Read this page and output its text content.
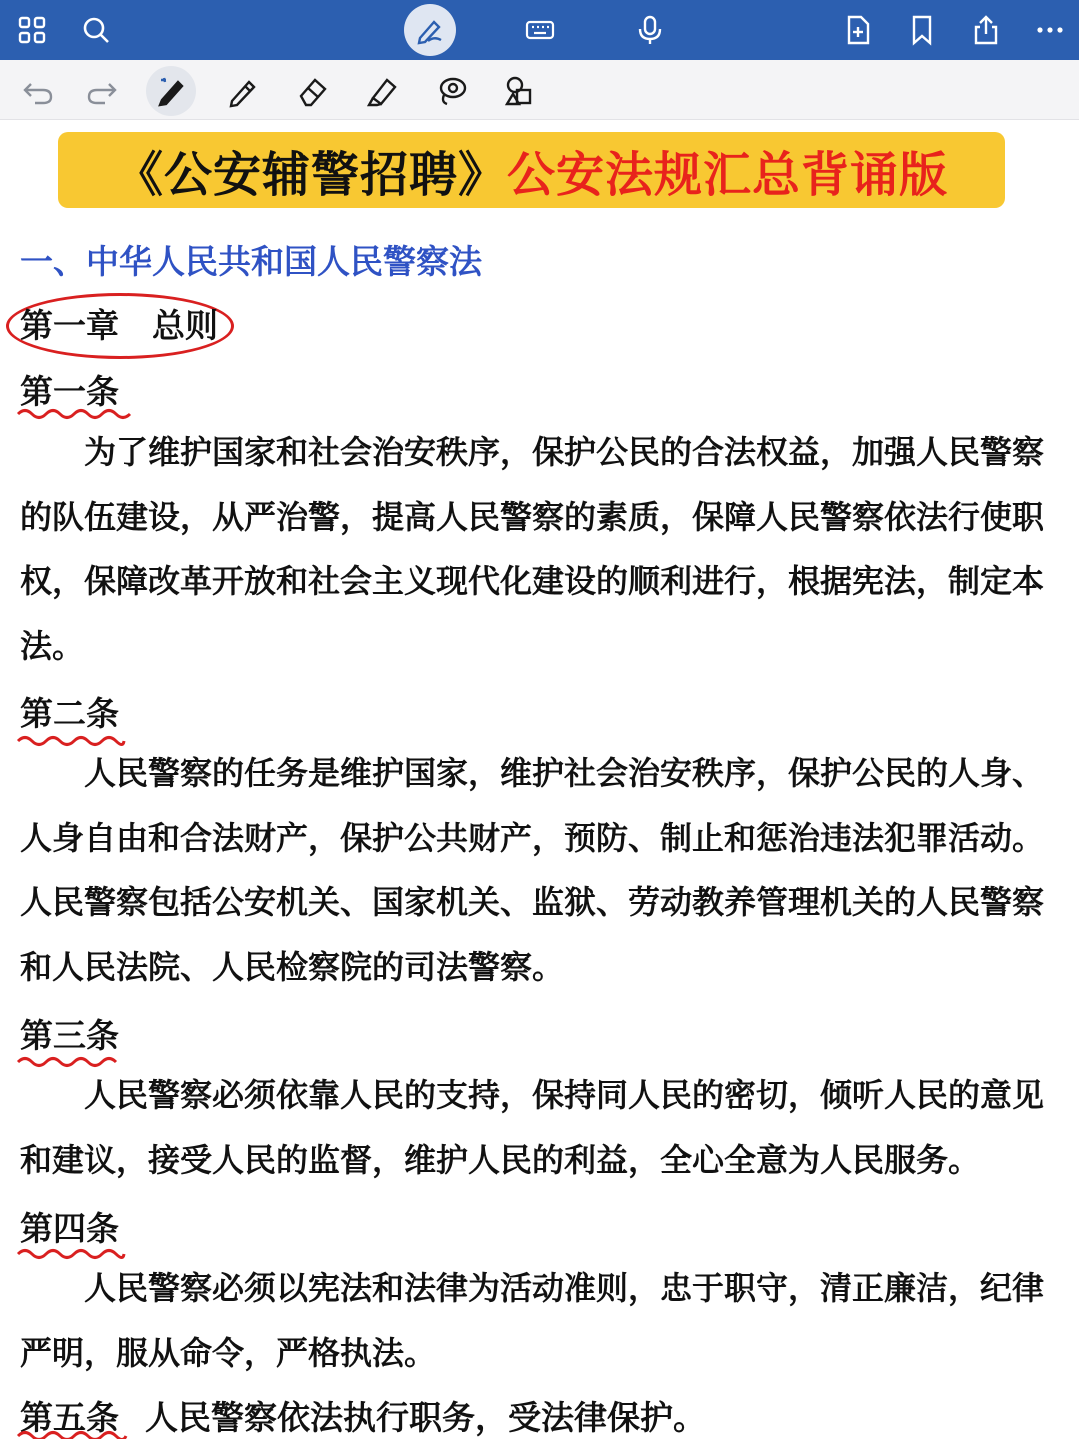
《公安辅警招聘》 公安法规汇总背诵版
一、中华人民共和国人民警察法
第一章　总则
第一条
为了维护国家和社会治安秩序，保护公民的合法权益，加强人民警察的队伍建设，从严治警，提高人民警察的素质，保障人民警察依法行使职权，保障改革开放和社会主义现代化建设的顺利进行，根据宪法，制定本法。
第二条
人民警察的任务是维护国家，维护社会治安秩序，保护公民的人身、人身自由和合法财产，保护公共财产，预防、制止和惩治违法犯罪活动。人民警察包括公安机关、国家机关、监狱、劳动教养管理机关的人民警察和人民法院、人民检察院的司法警察。
第三条
人民警察必须依靠人民的支持，保持同人民的密切，倾听人民的意见和建议，接受人民的监督，维护人民的利益，全心全意为人民服务。
第四条
人民警察必须以宪法和法律为活动准则，忠于职守，清正廉洁，纪律严明，服从命令，严格执法。
第五条 人民警察依法执行职务，受法律保护。
